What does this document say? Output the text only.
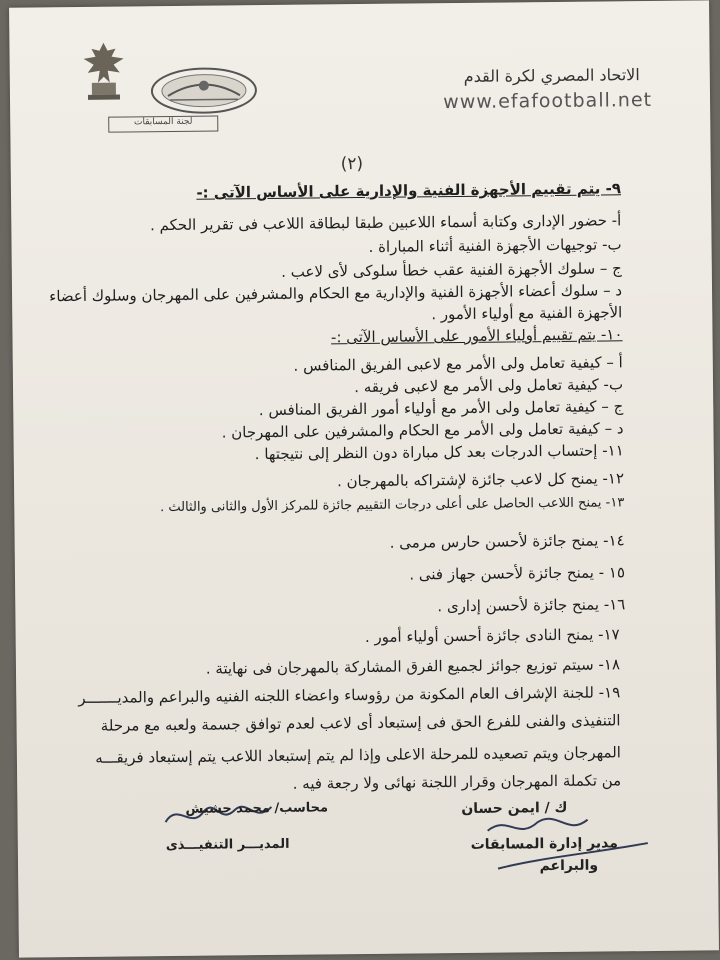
لجنة المسابقات
الاتحاد المصري لكرة القدم
www.efafootball.net
(٢)
٩- يتم تقييم الأجهزة الفنية والإدارية على الأساس الآتى :-
أ- حضور الإدارى وكتابة أسماء اللاعبين طبقا لبطاقة اللاعب فى تقرير الحكم .
ب- توجيهات الأجهزة الفنية أثناء المباراة .
ج – سلوك الأجهزة الفنية عقب خطأ سلوكى لأى لاعب .
د – سلوك أعضاء الأجهزة الفنية والإدارية مع الحكام والمشرفين على المهرجان وسلوك أعضاء
الأجهزة الفنية مع أولياء الأمور .
١٠- يتم تقييم أولياء الأمور على الأساس الآتى :-
أ – كيفية تعامل ولى الأمر مع لاعبى الفريق المنافس .
ب- كيفية تعامل ولى الأمر مع لاعبى فريقه .
ج – كيفية تعامل ولى الأمر مع أولياء أمور الفريق المنافس .
د – كيفية تعامل ولى الأمر مع الحكام والمشرفين على المهرجان .
١١- إحتساب الدرجات بعد كل مباراة دون النظر إلى نتيجتها .
١٢- يمنح كل لاعب جائزة لإشتراكه بالمهرجان .
١٣- يمنح اللاعب الحاصل على أعلى درجات التقييم جائزة للمركز الأول والثانى والثالث .
١٤- يمنح جائزة لأحسن حارس مرمى .
١٥ - يمنح جائزة لأحسن جهاز فنى .
١٦- يمنح جائزة لأحسن إدارى .
١٧- يمنح النادى جائزة أحسن أولياء أمور .
١٨- سيتم توزيع جوائز لجميع الفرق المشاركة بالمهرجان فى نهايتة .
١٩- للجنة الإشراف العام المكونة من رؤوساء واعضاء اللجنه الفنيه والبراعم والمديـــــــر
التنفيذى والفنى للفرع الحق فى إستبعاد أى لاعب لعدم توافق جسمة ولعبه مع مرحلة
المهرجان ويتم تصعيده للمرحلة الاعلى وإذا لم يتم إستبعاد اللاعب يتم إستبعاد فريقـــه
من تكملة المهرجان وقرار اللجنة نهائى ولا رجعة فيه .
محاسب/ محمد حشيش
المديـــر التنفيـــذى
ك / ايمن حسان
مدير إدارة المسابقات
والبراعم
